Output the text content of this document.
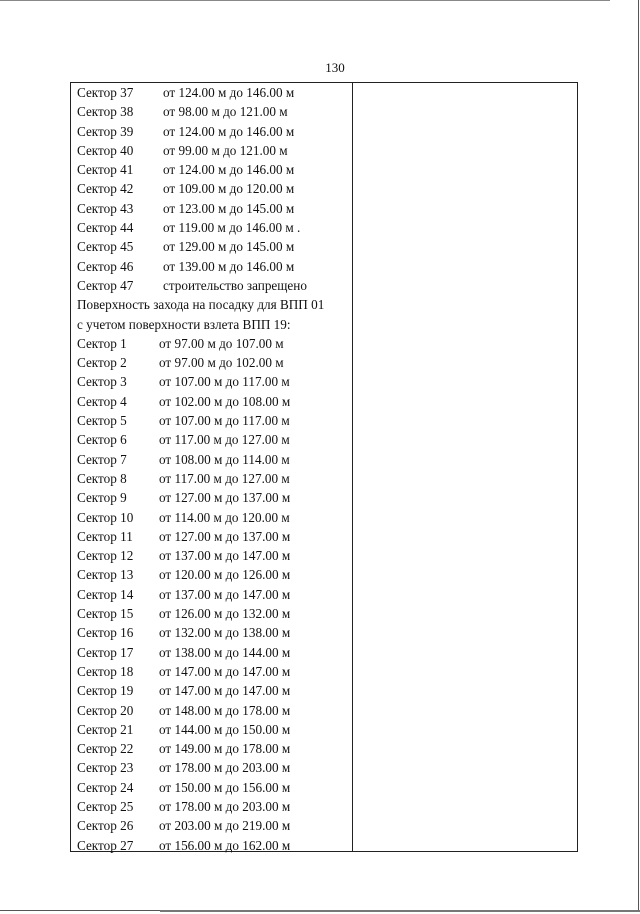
130
Сектор 37 от 124.00 м до 146.00 м
Сектор 38 от 98.00 м до 121.00 м
Сектор 39 от 124.00 м до 146.00 м
Сектор 40 от 99.00 м до 121.00 м
Сектор 41 от 124.00 м до 146.00 м
Сектор 42 от 109.00 м до 120.00 м
Сектор 43 от 123.00 м до 145.00 м
Сектор 44 от 119.00 м до 146.00 м .
Сектор 45 от 129.00 м до 145.00 м
Сектор 46 от 139.00 м до 146.00 м
Сектор 47 строительство запрещено
Поверхность захода на посадку для ВПП 01
с учетом поверхности взлета ВПП 19:
Сектор 1 от 97.00 м до 107.00 м
Сектор 2 от 97.00 м до 102.00 м
Сектор 3 от 107.00 м до 117.00 м
Сектор 4 от 102.00 м до 108.00 м
Сектор 5 от 107.00 м до 117.00 м
Сектор 6 от 117.00 м до 127.00 м
Сектор 7 от 108.00 м до 114.00 м
Сектор 8 от 117.00 м до 127.00 м
Сектор 9 от 127.00 м до 137.00 м
Сектор 10 от 114.00 м до 120.00 м
Сектор 11 от 127.00 м до 137.00 м
Сектор 12 от 137.00 м до 147.00 м
Сектор 13 от 120.00 м до 126.00 м
Сектор 14 от 137.00 м до 147.00 м
Сектор 15 от 126.00 м до 132.00 м
Сектор 16 от 132.00 м до 138.00 м
Сектор 17 от 138.00 м до 144.00 м
Сектор 18 от 147.00 м до 147.00 м
Сектор 19 от 147.00 м до 147.00 м
Сектор 20 от 148.00 м до 178.00 м
Сектор 21 от 144.00 м до 150.00 м
Сектор 22 от 149.00 м до 178.00 м
Сектор 23 от 178.00 м до 203.00 м
Сектор 24 от 150.00 м до 156.00 м
Сектор 25 от 178.00 м до 203.00 м
Сектор 26 от 203.00 м до 219.00 м
Сектор 27 от 156.00 м до 162.00 м
